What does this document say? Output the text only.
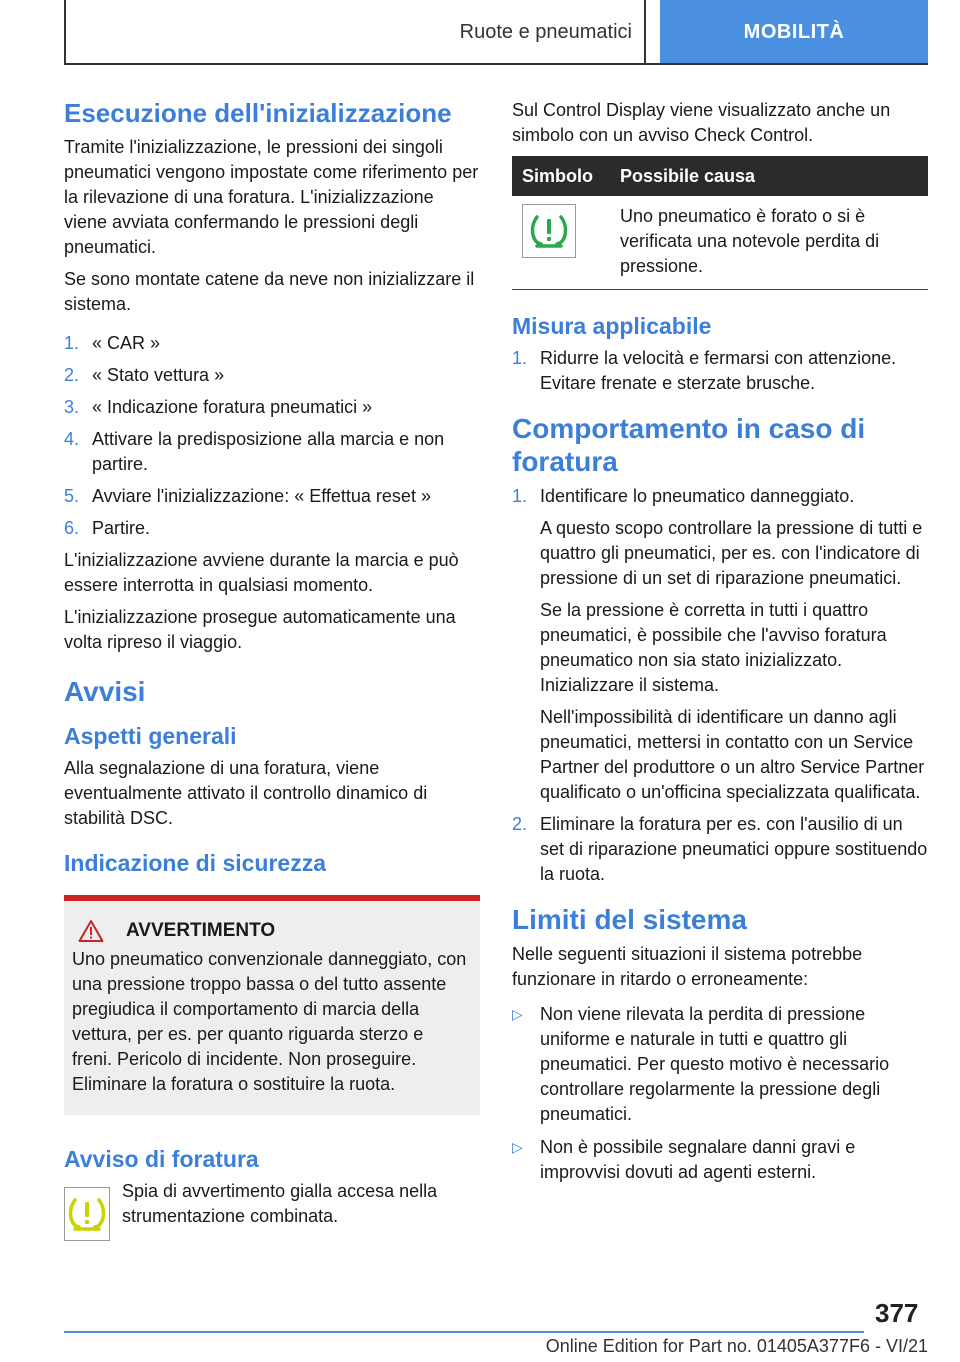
Ruote e pneumatici	MOBILITÀ
Esecuzione dell'inizializzazione
Tramite l'inizializzazione, le pressioni dei singoli pneumatici vengono impostate come riferimento per la rilevazione di una foratura. L'inizializzazione viene avviata confermando le pressioni degli pneumatici.
Se sono montate catene da neve non inizializzare il sistema.
1. « CAR »
2. « Stato vettura »
3. « Indicazione foratura pneumatici »
4. Attivare la predisposizione alla marcia e non partire.
5. Avviare l'inizializzazione: « Effettua reset »
6. Partire.
L'inizializzazione avviene durante la marcia e può essere interrotta in qualsiasi momento.
L'inizializzazione prosegue automaticamente una volta ripreso il viaggio.
Avvisi
Aspetti generali
Alla segnalazione di una foratura, viene eventualmente attivato il controllo dinamico di stabilità DSC.
Indicazione di sicurezza
AVVERTIMENTO
Uno pneumatico convenzionale danneggiato, con una pressione troppo bassa o del tutto assente pregiudica il comportamento di marcia della vettura, per es. per quanto riguarda sterzo e freni. Pericolo di incidente. Non proseguire. Eliminare la foratura o sostituire la ruota.
Avviso di foratura
Spia di avvertimento gialla accesa nella strumentazione combinata.
Sul Control Display viene visualizzato anche un simbolo con un avviso Check Control.
Simbolo	Possibile causa

	Uno pneumatico è forato o si è verificata una notevole perdita di pressione.
Misura applicabile
1. Ridurre la velocità e fermarsi con attenzione. Evitare frenate e sterzate brusche.
Comportamento in caso di foratura
1. Identificare lo pneumatico danneggiato.
A questo scopo controllare la pressione di tutti e quattro gli pneumatici, per es. con l'indicatore di pressione di un set di riparazione pneumatici.
Se la pressione è corretta in tutti i quattro pneumatici, è possibile che l'avviso foratura pneumatico non sia stato inizializzato. Inizializzare il sistema.
Nell'impossibilità di identificare un danno agli pneumatici, mettersi in contatto con un Service Partner del produttore o un altro Service Partner qualificato o un'officina specializzata qualificata.
2. Eliminare la foratura per es. con l'ausilio di un set di riparazione pneumatici oppure sostituendo la ruota.
Limiti del sistema
Nelle seguenti situazioni il sistema potrebbe funzionare in ritardo o erroneamente:
▷ Non viene rilevata la perdita di pressione uniforme e naturale in tutti e quattro gli pneumatici. Per questo motivo è necessario controllare regolarmente la pressione degli pneumatici.
▷ Non è possibile segnalare danni gravi e improvvisi dovuti ad agenti esterni.
377
Online Edition for Part no. 01405A377F6 - VI/21
